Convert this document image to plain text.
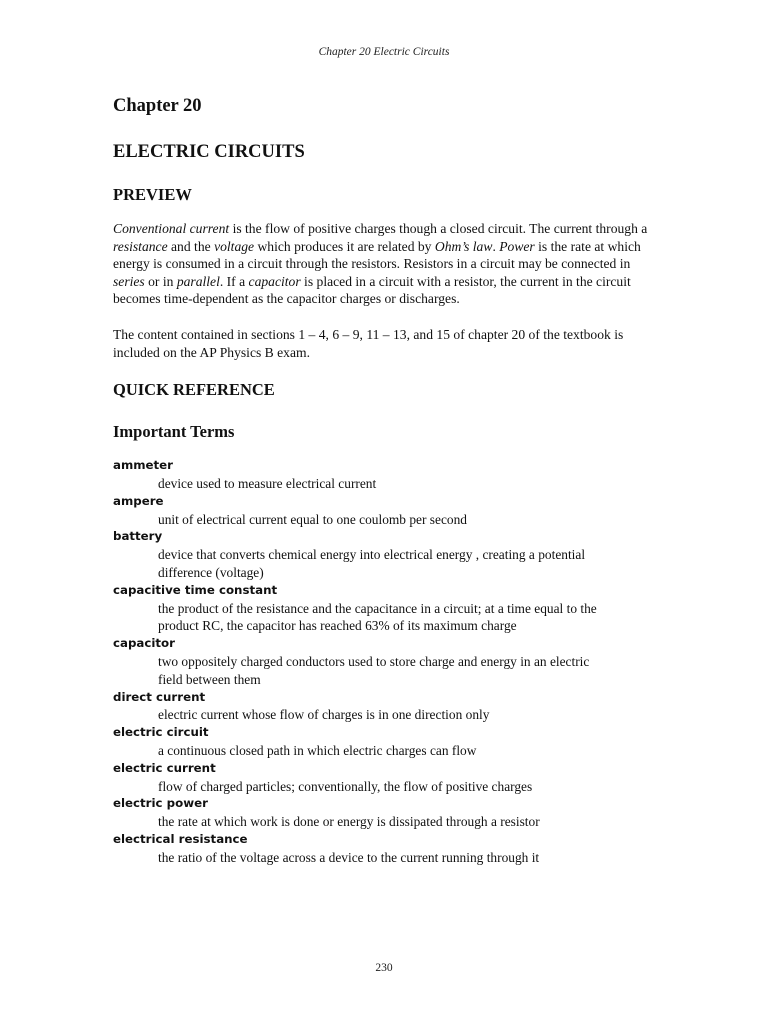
Chapter 20 Electric Circuits
Chapter 20
ELECTRIC CIRCUITS
PREVIEW

Conventional current is the flow of positive charges though a closed circuit. The current through a resistance and the voltage which produces it are related by Ohm’s law. Power is the rate at which energy is consumed in a circuit through the resistors. Resistors in a circuit may be connected in series or in parallel. If a capacitor is placed in a circuit with a resistor, the current in the circuit becomes time-dependent as the capacitor charges or discharges.

The content contained in sections 1 – 4, 6 – 9, 11 – 13, and 15 of chapter 20 of the textbook is included on the AP Physics B exam.

QUICK REFERENCE
Important Terms

ammeter

device used to measure electrical current

ampere

unit of electrical current equal to one coulomb per second

battery

device that converts chemical energy into electrical energy , creating a potential

difference (voltage)

capacitive time constant

the product of the resistance and the capacitance in a circuit; at a time equal to the

product RC, the capacitor has reached 63% of its maximum charge

capacitor

two oppositely charged conductors used to store charge and energy in an electric

field between them

direct current

electric current whose flow of charges is in one direction only

electric circuit

a continuous closed path in which electric charges can flow

electric current

flow of charged particles; conventionally, the flow of positive charges

electric power

the rate at which work is done or energy is dissipated through a resistor

electrical resistance

the ratio of the voltage across a device to the current running through it

230
